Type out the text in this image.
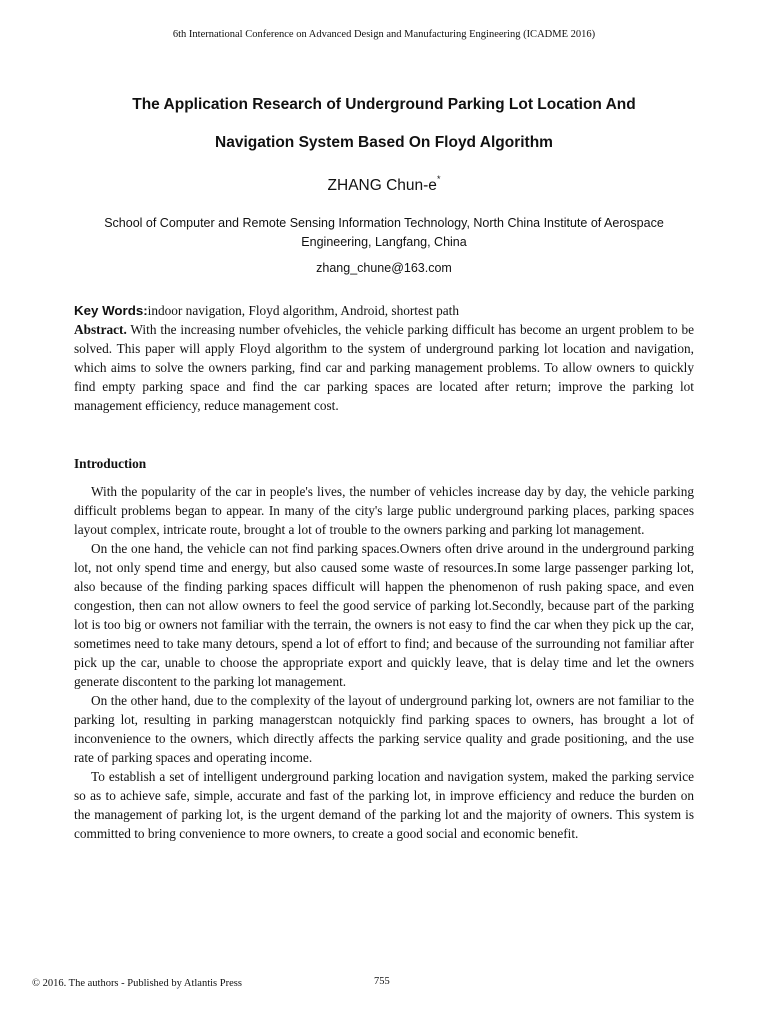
6th International Conference on Advanced Design and Manufacturing Engineering (ICADME 2016)
The Application Research of Underground Parking Lot Location And
Navigation System Based On Floyd Algorithm
ZHANG Chun-e*
School of Computer and Remote Sensing Information Technology, North China Institute of Aerospace Engineering, Langfang, China
zhang_chune@163.com
Key Words:indoor navigation, Floyd algorithm, Android, shortest path
Abstract. With the increasing number ofvehicles, the vehicle parking difficult has become an urgent problem to be solved. This paper will apply Floyd algorithm to the system of underground parking lot location and navigation, which aims to solve the owners parking, find car and parking management problems. To allow owners to quickly find empty parking space and find the car parking spaces are located after return; improve the parking lot management efficiency, reduce management cost.
Introduction

With the popularity of the car in people's lives, the number of vehicles increase day by day, the vehicle parking difficult problems began to appear. In many of the city's large public underground parking places, parking spaces layout complex, intricate route, brought a lot of trouble to the owners parking and parking lot management.

On the one hand, the vehicle can not find parking spaces.Owners often drive around in the underground parking lot, not only spend time and energy, but also caused some waste of resources.In some large passenger parking lot, also because of the finding parking spaces difficult will happen the phenomenon of rush paking space, and even congestion, then can not allow owners to feel the good service of parking lot.Secondly, because part of the parking lot is too big or owners not familiar with the terrain, the owners is not easy to find the car when they pick up the car, sometimes need to take many detours, spend a lot of effort to find; and because of the surrounding not familiar after pick up the car, unable to choose the appropriate export and quickly leave, that is delay time and let the owners generate discontent to the parking lot management.

On the other hand, due to the complexity of the layout of underground parking lot, owners are not familiar to the parking lot, resulting in parking managerstcan notquickly find parking spaces to owners, has brought a lot of inconvenience to the owners, which directly affects the parking service quality and grade positioning, and the use rate of parking spaces and operating income.

To establish a set of intelligent underground parking location and navigation system, maked the parking service so as to achieve safe, simple, accurate and fast of the parking lot, in improve efficiency and reduce the burden on the management of parking lot, is the urgent demand of the parking lot and the majority of owners. This system is committed to bring convenience to more owners, to create a good social and economic benefit.

© 2016. The authors - Published by Atlantis Press	755
